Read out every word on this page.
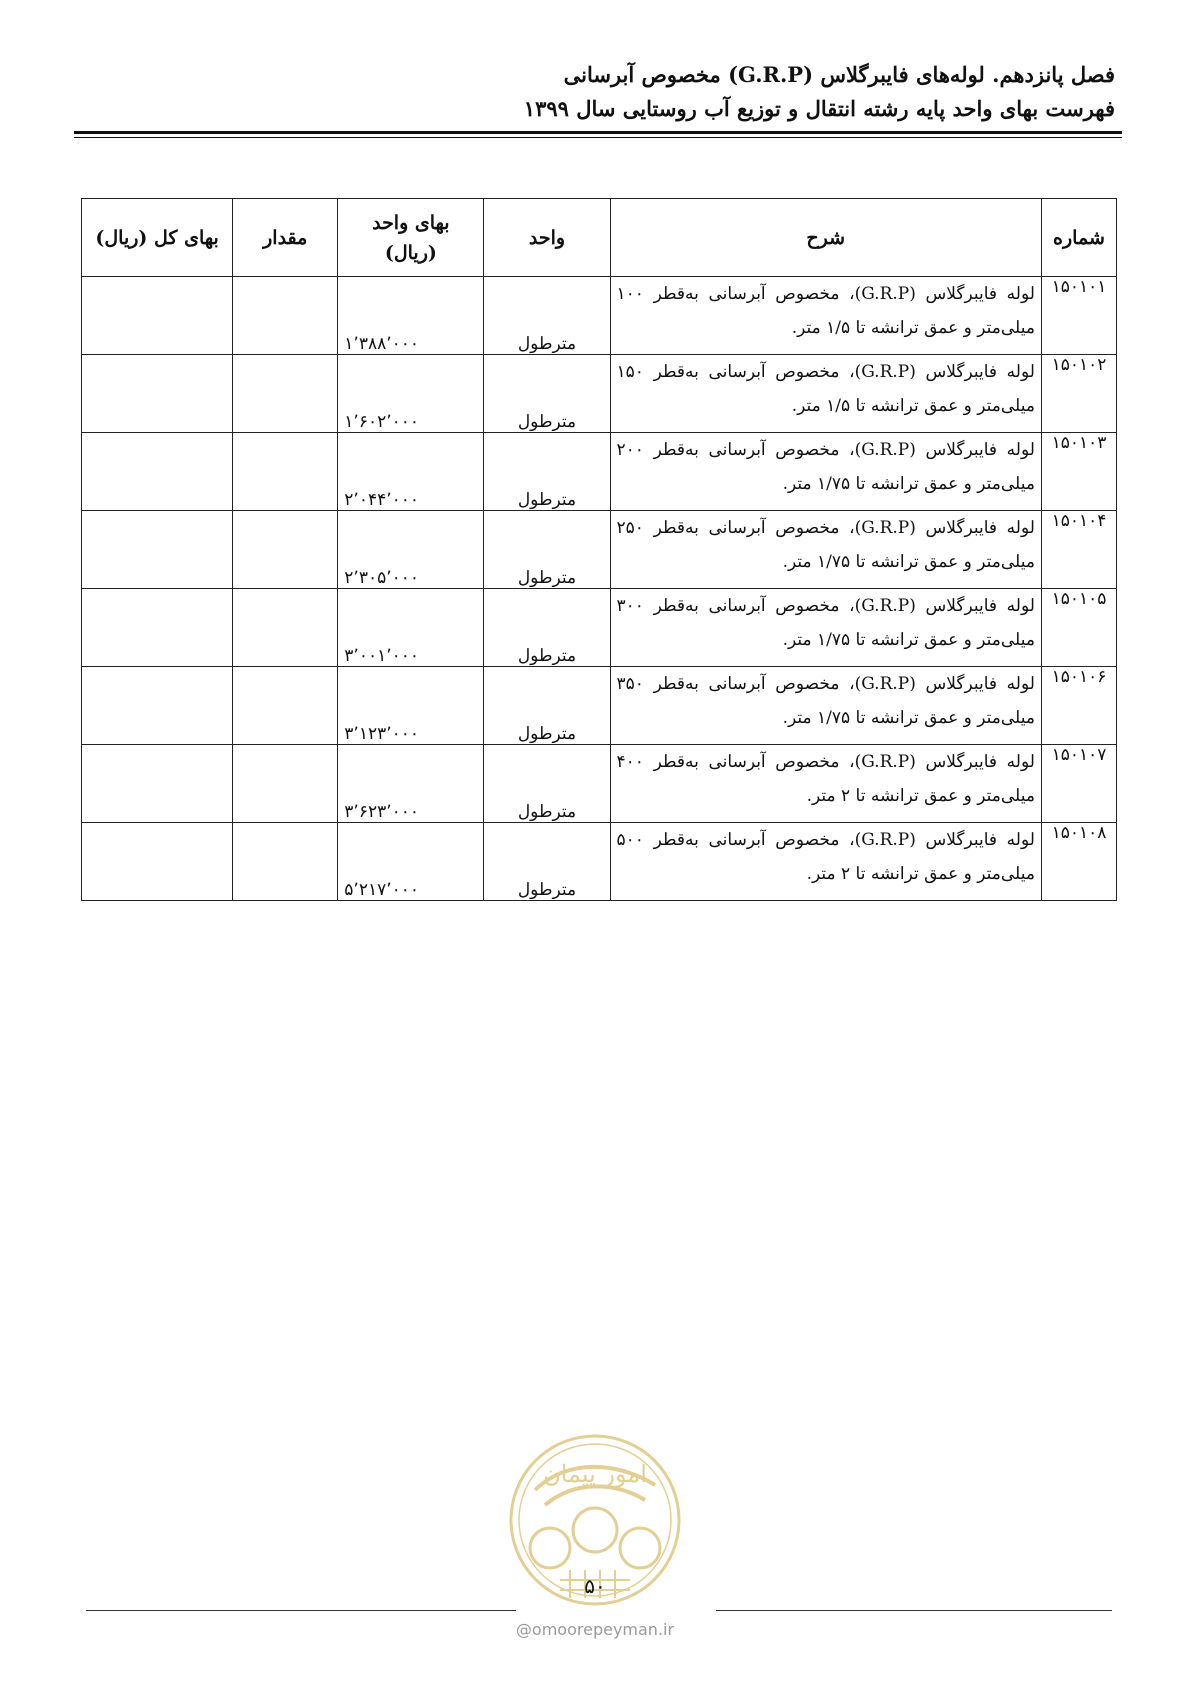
فصل پانزدهم. لوله‌های فایبرگلاس (G.R.P) مخصوص آبرسانی
فهرست بهای واحد پایه رشته انتقال و توزیع آب روستایی سال ۱۳۹۹
شماره	شرح	واحد	بهای واحد (ریال)	مقدار	بهای کل (ریال)
۱۵۰۱۰۱	لوله فایبرگلاس (G.R.P)، مخصوص آبرسانی به‌قطر ۱۰۰ میلی‌متر و عمق ترانشه تا ۱/۵ متر.	مترطول	۱٬۳۸۸٬۰۰۰		
۱۵۰۱۰۲	لوله فایبرگلاس (G.R.P)، مخصوص آبرسانی به‌قطر ۱۵۰ میلی‌متر و عمق ترانشه تا ۱/۵ متر.	مترطول	۱٬۶۰۲٬۰۰۰		
۱۵۰۱۰۳	لوله فایبرگلاس (G.R.P)، مخصوص آبرسانی به‌قطر ۲۰۰ میلی‌متر و عمق ترانشه تا ۱/۷۵ متر.	مترطول	۲٬۰۴۴٬۰۰۰		
۱۵۰۱۰۴	لوله فایبرگلاس (G.R.P)، مخصوص آبرسانی به‌قطر ۲۵۰ میلی‌متر و عمق ترانشه تا ۱/۷۵ متر.	مترطول	۲٬۳۰۵٬۰۰۰		
۱۵۰۱۰۵	لوله فایبرگلاس (G.R.P)، مخصوص آبرسانی به‌قطر ۳۰۰ میلی‌متر و عمق ترانشه تا ۱/۷۵ متر.	مترطول	۳٬۰۰۱٬۰۰۰		
۱۵۰۱۰۶	لوله فایبرگلاس (G.R.P)، مخصوص آبرسانی به‌قطر ۳۵۰ میلی‌متر و عمق ترانشه تا ۱/۷۵ متر.	مترطول	۳٬۱۲۳٬۰۰۰		
۱۵۰۱۰۷	لوله فایبرگلاس (G.R.P)، مخصوص آبرسانی به‌قطر ۴۰۰ میلی‌متر و عمق ترانشه تا ۲ متر.	مترطول	۳٬۶۲۳٬۰۰۰		
۱۵۰۱۰۸	لوله فایبرگلاس (G.R.P)، مخصوص آبرسانی به‌قطر ۵۰۰ میلی‌متر و عمق ترانشه تا ۲ متر.	مترطول	۵٬۲۱۷٬۰۰۰		
امور پیمان
۵۰
@omoorepeyman.ir
